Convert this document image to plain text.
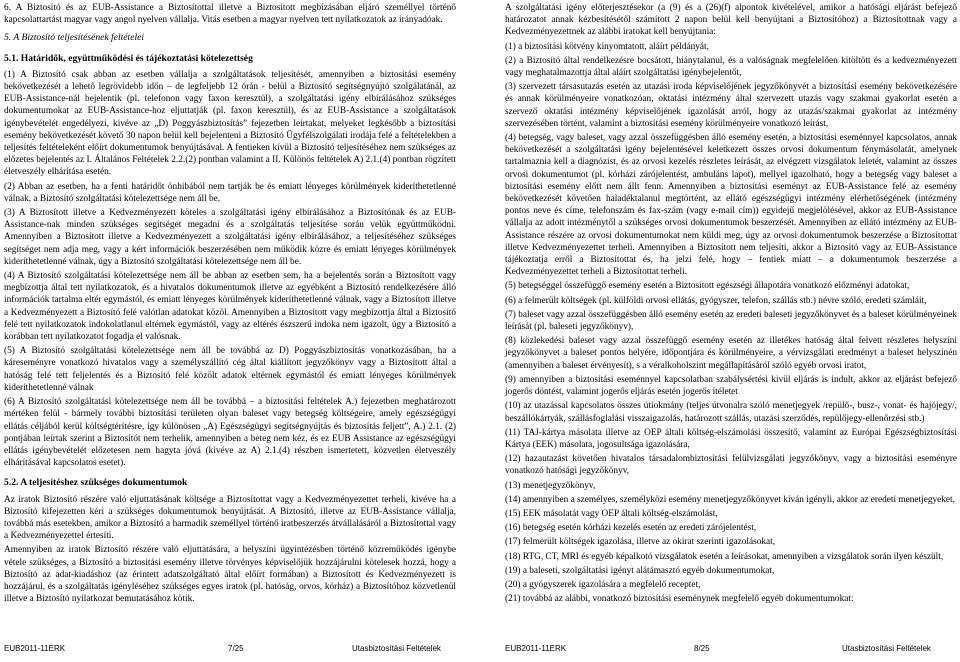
6. A Biztosító és az EUB-Assistance a Biztosítottal illetve a Biztosított megbízásában eljáró személlyel történő kapcsolattartást magyar vagy angol nyelven vállalja. Vitás esetben a magyar nyelven tett nyilatkozatok az irányadóak.

5. A Biztosító teljesítésének feltételei

5.1. Határidők, együttműködési és tájékoztatási kötelezettség

(1) A Biztosító csak abban az esetben vállalja a szolgáltatások teljesítését, amennyiben a biztosítási esemény bekövetkezését a lehető legrövidebb időn – de legfeljebb 12 órán - belül a Biztosító segítségnyújtó szolgálatánál, az EUB-Assistance-nál bejelentik (pl. telefonon vagy faxon keresztül), a szolgáltatási igény elbírálásához szükséges dokumentumokat az EUB-Assistance-hoz eljuttatják (pl. faxon keresztül), és az EUB-Assistance a szolgáltatások igénybevételét engedélyezi, kivéve az „D) Poggyászbiztosítás” fejezetben leírtakat, melyeket legkésőbb a biztosítási esemény bekövetkezését követő 30 napon belül kell bejelenteni a Biztosító Ügyfélszolgálati irodája felé a feltételekben a teljesítés feltételeként előírt dokumentumok benyújtásával. A fentieken kívül a Biztosító teljesítéséhez nem szükséges az előzetes bejelentés az I. Általános Feltételek 2.2.(2) pontban valamint a II. Különös feltételek A) 2.1.(4) pontban rögzített életveszély elhárítása esetén.

(2) Abban az esetben, ha a fenti határidőt önhibából nem tartják be és emiatt lényeges körülmények kideríthetetlenné válnak, a Biztosító szolgáltatási kötelezettsége nem áll be.

(3) A Biztosított illetve a Kedvezményezett köteles a szolgáltatási igény elbírálásához a Biztosítónak és az EUB-Assistance-nak minden szükséges segítséget megadni és a szolgáltatás teljesítése során velük együttműködni. Amennyiben a Biztosított illetve a Kedvezményezett a szolgáltatási igény elbírálásához, a teljesítéséhez szükséges segítséget nem adja meg, vagy a kért információk beszerzésében nem működik közre és emiatt lényeges körülmények kideríthetetlenné válnak, úgy a Biztosító szolgáltatási kötelezettsége nem áll be.

(4) A Biztosító szolgáltatási kötelezettsége nem áll be abban az esetben sem, ha a bejelentés során a Biztosított vagy megbízottja által tett nyilatkozatok, és a hivatalos dokumentumok illetve az egyébként a Biztosító rendelkezésére álló információk tartalma eltér egymástól, és emiatt lényeges körülmények kideríthetetlenné válnak, vagy a Biztosított illetve a Kedvezményezett a Biztosító felé valótlan adatokat közöl. Amennyiben a Biztosított vagy megbízottja által a Biztosító felé tett nyilatkozatok indokolatlanul eltérnek egymástól, vagy az eltérés észszerű indoka nem igazolt, úgy a Biztosító a korábban tett nyilatkozatot fogadja el valósnak.

(5) A Biztosító szolgáltatási kötelezettsége nem áll be továbbá az D) Poggyászbiztosítás vonatkozásában, ha a káreseményre vonatkozó hivatalos vagy a személyszállító cég által kiállított jegyzőkönyv vagy a Biztosított által a hatóság felé tett feljelentés és a Biztosító felé közölt adatok eltérnek egymástól és emiatt lényeges körülmények kideríthetetlenné válnak

(6) A Biztosító szolgáltatási kötelezettsége nem áll be továbbá – a biztosítási feltételek A.) fejezetben meghatározott mértéken felül - bármely további biztosítási területen olyan baleset vagy betegség költségeire, amely egészségügyi ellátás céljából kerül költségtérítésre, így különösen „A) Egészségügyi segítségnyújtás és biztosítás feljett”, A.) 2.1. (2) pontjában leírtak szerint a Biztosítót nem terhelik, amennyiben a beteg nem kéz, és ez EUB Assistance az egészségügyi ellátás igénybevételét előzetesen nem hagyta jóvá (kivéve az A) 2.1.(4) részben ismertetett, közvetlen életveszély elhárításával kapcsolatos esetet).

5.2. A teljesítéshez szükséges dokumentumok

Az iratok Biztosító részére való eljuttatásának költsége a Biztosítottat vagy a Kedvezményezettet terheli, kivéve ha a Biztosító kifejezetten kéri a szükséges dokumentumok benyújtását. A Biztosító, illetve az EUB-Assistance vállalja, továbbá más esetekben, amikor a Biztosító a harmadik személlyel történő iratbeszerzés átvállalásáról a Biztosítottal vagy a Kedvezményezettel értesíti.

Amennyiben az iratok Biztosító részére való eljuttatására, a helyszíni ügyintézésben történő közreműködés igénybe vétele szükséges, a Biztosító a biztosítási esemény illetve törvényes képviselőjük hozzájárulni kötelesek hozzá, hogy a Biztosító az adat-kiadáshoz (az érintett adatszolgáltató által előírt formában) a Biztosított és Kedvezményezett is hozzájárul, és a szolgáltatás igényléséhez szükséges egyes iratok (pl. hatóság, orvos, kórház) a Biztosítóhoz közvetlenül illetve a Biztosító nyilatkozat bemutatásához kötik.

A szolgáltatási igény előterjesztésekor (a (9) és a (26)(f) alpontok kivételével, amikor a hatósági eljárást befejező határozatot annak kézbesítésétől számított 2 napon belül kell benyújtani a Biztosítóhoz) a Biztosítottnak vagy a Kedvezményezettnek az alábbi iratokat kell benyújtania:

(1) a biztosítási kötvény kinyomtatott, aláírt példányát,

(2) a Biztosító által rendelkezésre bocsátott, hiánytalanul, és a valóságnak megfelelően kitöltött és a kedvezményezett vagy meghatalmazottja által aláírt szolgáltatási igénybejelentőt,

(3) szervezett társasutazás esetén az utazási iroda képviselőjének jegyzőkönyvét a biztosítási esemény bekövetkezésére és annak körülményeire vonatkozóan, oktatási intézmény által szervezett utazás vagy szakmai gyakorlat esetén a szervező oktatási intézmény képviselőjének igazolását arról, hogy az utazás/szakmai gyakorlat az intézmény szervezésében történt, valamint a biztosítási esemény körülményeire vonatkozó leírást,

(4) betegség, vagy baleset, vagy azzal összefüggésben álló esemény esetén, a biztosítási eseménnyel kapcsolatos, annak bekövetkezését a szolgáltatási igény bejelentésével keletkezett összes orvosi dokumentum fénymásolatát, amelynek tartalmaznia kell a diagnózist, és az orvosi kezelés részletes leírását, az elvégzett vizsgálatok leletét, valamint az összes orvosi dokumentumot (pl. kórházi zárójelentést, ambuláns lapot), mellyel igazolható, hogy a betegség vagy baleset a biztosítási esemény előtt nem állt fenn. Amennyiben a biztosítási eseményt az EUB-Assistance felé az esemény bekövetkezését követően haladéktalanul megtörtént, az ellátó egészségügyi intézmény elérhetőségének (intézmény pontos neve és címe, telefonszám és fax-szám (vagy e-mail cím)) egyidejű megjelölésével, akkor az EUB-Assistance vállalja az adott intézménytől a szükséges orvosi dokumentumok beszerzését. Amennyiben az ellátó intézmény az EUB-Assistance részére az orvosi dokumentumokat nem küldi meg, úgy az orvosi dokumentumok beszerzése a Biztosítottat illetve Kedvezményezettet terheli. Amennyiben a Biztosított nem teljesíti, akkor a Biztosító vagy az EUB-Assistance tájékoztatja erről a Biztosítottat és, ha jelzi felé, hogy – fentiek miatt – a dokumentumok beszerzése a Kedvezményezettet terheli a Biztosítottat terheli.

(5) betegséggel összefüggő esemény esetén a Biztosított egészségi állapotára vonatkozó előzményi adatokat,

(6) a felmerült költségek (pl. külföldi orvosi ellátás, gyógyszer, telefon, szállás stb.) névre szóló, eredeti számláit,

(7) baleset vagy azzal összefüggésben álló esemény esetén az eredeti baleseti jegyzőkönyvet és a baleset körülményeinek leírását (pl. baleseti jegyzőkönyv),

(8) közlekedési baleset vagy azzal összefüggő esemény esetén az illetékes hatóság által felvett részletes helyszíni jegyzőkönyvet a baleset pontos helyére, időpontjára és körülményeire, a vérvizsgálati eredményt a baleset helyszínén (amennyiben a baleset érvényesít), s a véralkoholszint megállapításáról szóló egyéb orvosi iratot,

(9) amennyiben a biztosítási eseménnyel kapcsolatban szabálysértési kivül eljárás is indult, akkor az eljárást befejező jogerős döntést, valamint jogerős eljárás esetén jogerős ítéletet

(10) az utazással kapcsolatos összes útiokmány (teljes útvonalra szóló menetjegyek /repülő-, busz-, vonat- és hajójegy/, beszállókártyák, szállásfoglalási visszaigazolás, határozott szállás, utazási szerződés, repülőjegy-ellenőrzési stb.)

(11) TAJ-kártya másolata illetve az OEP általi költség-elszámolási összesítő, valamint az Európai Egészségbiztosítási Kártya (EEK) másolata, jogosultsága igazolására,

(12) hazautazást követően hivatalos társadalombiztosítási felülvizsgálati jegyzőkönyv, vagy a biztosítási eseményre vonatkozó hatósági jegyzőkönyv,

(13) menetjegyzőkönyv,

(14) amennyiben a személyes, személyközi esemény menetjegyzőkönyvet kíván igényli, akkor az eredeti menetjegyeket,

(15) EEK másolatát vagy OEP általi költség-elszámolást,

(16) betegség esetén kórházi kezelés esetén az eredeti zárójelentést,

(17) felmerült költségek igazolása, illetve az okirat szerinti igazolásokat,

(18) RTG, CT, MRI és egyéb képalkotó vizsgálatok esetén a leírásokat, amennyiben a vizsgálatok során ilyen készült,

(19) a baleseti, szolgáltatási igényt alátámasztó egyéb dokumentumokat,

(20) a gyógyszerek igazolására a megfelelő receptet,

(21) továbbá az alábbi, vonatkozó biztosítási eseménynek megfelelő egyéb dokumentumokat:

EUB2011-11ERK	7/25	Utasbiztosítási Feltételek	EUB2011-11ERK	8/25	Utasbiztosítási Feltételek
